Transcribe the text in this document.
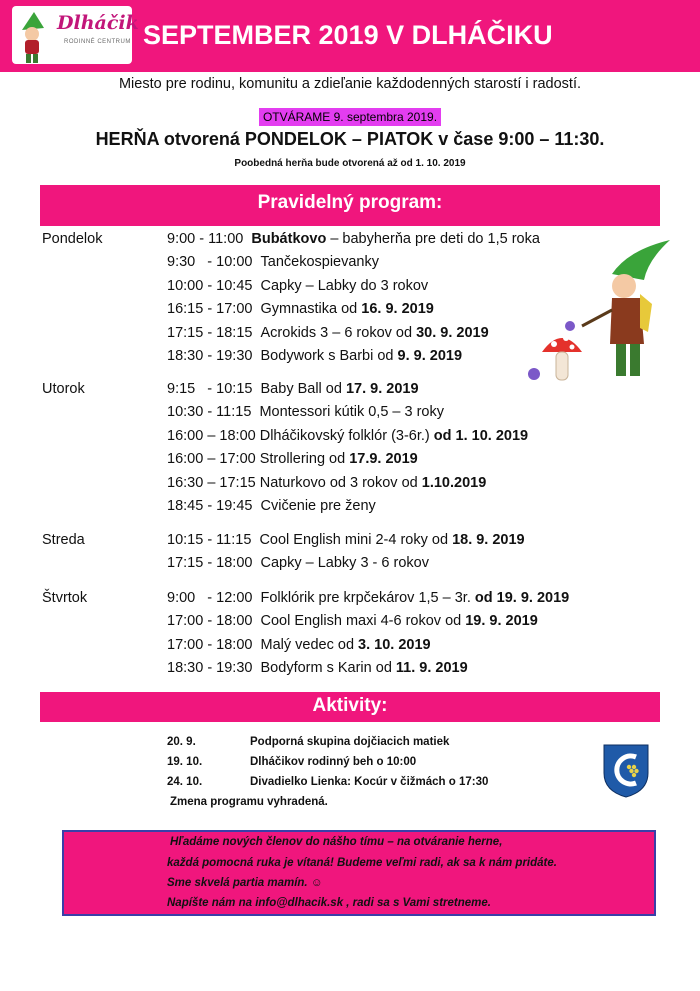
Dlháčik
RODINNÉ CENTRUM SEPTEMBER 2019 V DLHÁČIKU
Miesto pre rodinu, komunitu a zdieľanie každodenných starostí i radostí.
OTVÁRAME 9. septembra 2019.
HERŇA otvorená PONDELOK – PIATOK v čase 9:00 – 11:30.
Poobedná herňa bude otvorená až od 1. 10. 2019
Pravidelný program:
Pondelok	9:00 - 11:00  Bubátkovo – babyherňa pre deti do 1,5 roka
9:30   - 10:00  Tančekospievanky
10:00 - 10:45  Capky – Labky do 3 rokov
16:15 - 17:00  Gymnastika od 16. 9. 2019
17:15 - 18:15  Acrokids 3 – 6 rokov od 30. 9. 2019
18:30 - 19:30  Bodywork s Barbi od 9. 9. 2019
Utorok	9:15   - 10:15  Baby Ball od 17. 9. 2019
10:30 - 11:15  Montessori kútik 0,5 – 3 roky
16:00 – 18:00 Dlháčikovský folklór (3-6r.) od 1. 10. 2019
16:00 – 17:00 Strollering od 17.9. 2019
16:30 – 17:15 Naturkovo od 3 rokov od 1.10.2019
18:45 - 19:45  Cvičenie pre ženy
Streda	10:15 - 11:15  Cool English mini 2-4 roky od 18. 9. 2019
17:15 - 18:00  Capky – Labky 3 - 6 rokov
Štvrtok	9:00   - 12:00  Folklórik pre krpčekárov 1,5 – 3r. od 19. 9. 2019
17:00 - 18:00  Cool English maxi 4-6 rokov od 19. 9. 2019
17:00 - 18:00  Malý vedec od 3. 10. 2019
18:30 - 19:30  Bodyform s Karin od 11. 9. 2019
Aktivity:
20. 9.	Podporná skupina dojčiacich matiek
19. 10.	Dlháčikov rodinný beh o 10:00
24. 10.	Divadielko Lienka: Kocúr v čižmách o 17:30
Zmena programu vyhradená.
Hľadáme nových členov do nášho tímu – na otváranie herne,
každá pomocná ruka je vítaná! Budeme veľmi radi, ak sa k nám pridáte.
Sme skvelá partia mamín. ☺
Napíšte nám na info@dlhacik.sk , radi sa s Vami stretneme.
